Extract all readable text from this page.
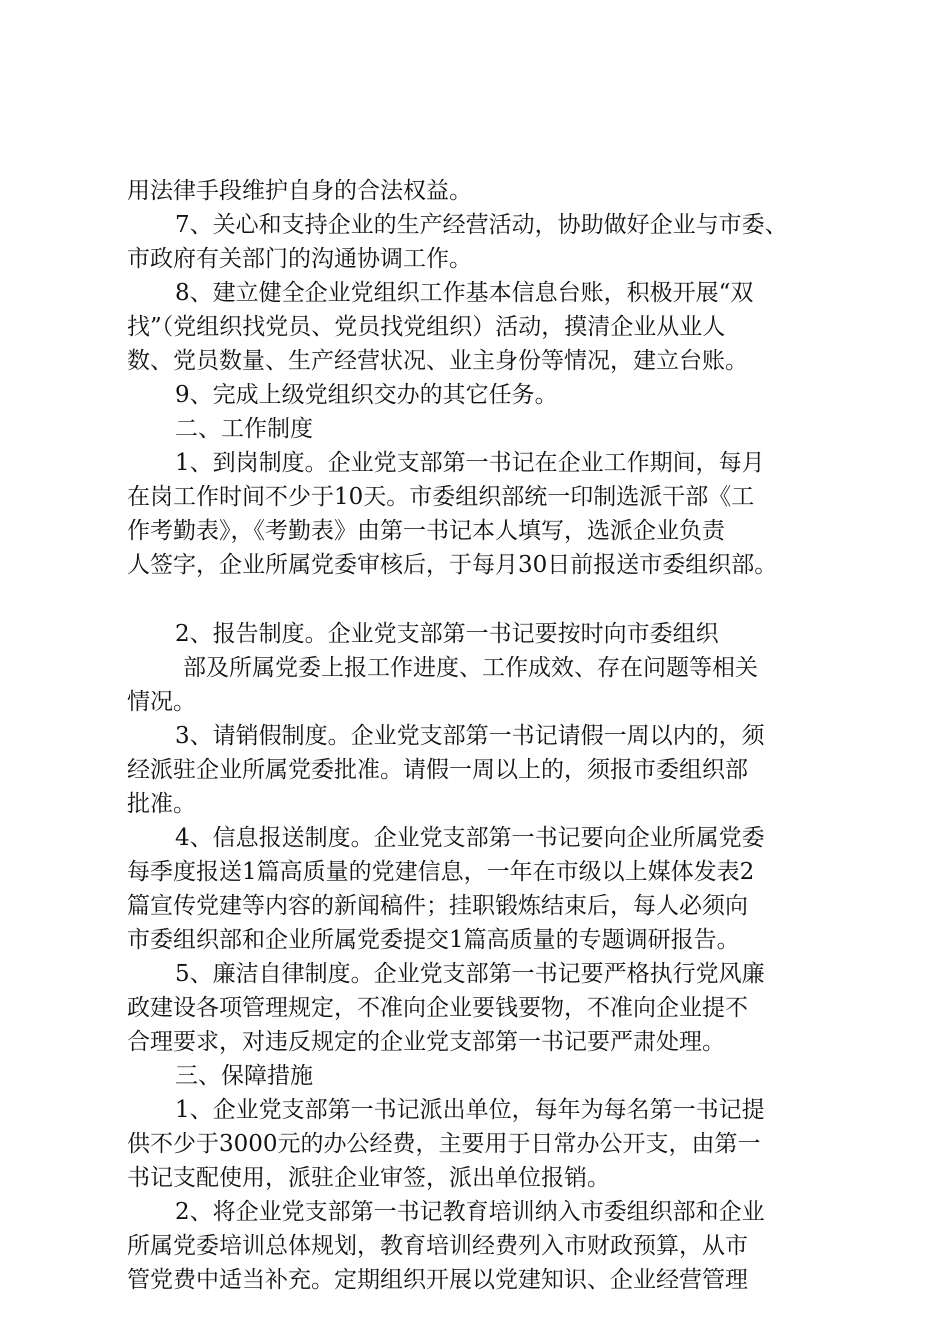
用法律手段维护自身的合法权益。
7、关心和支持企业的生产经营活动，协助做好企业与市委、
市政府有关部门的沟通协调工作。
8、建立健全企业党组织工作基本信息台账，积极开展“双
找”（党组织找党员、党员找党组织）活动，摸清企业从业人
数、党员数量、生产经营状况、业主身份等情况，建立台账。
9、完成上级党组织交办的其它任务。
二、工作制度
1、到岗制度。企业党支部第一书记在企业工作期间，每月
在岗工作时间不少于10天。市委组织部统一印制选派干部《工
作考勤表》，《考勤表》由第一书记本人填写，选派企业负责
人签字，企业所属党委审核后，于每月30日前报送市委组织部。
2、报告制度。企业党支部第一书记要按时向市委组织
部及所属党委上报工作进度、工作成效、存在问题等相关
情况。
3、请销假制度。企业党支部第一书记请假一周以内的，须
经派驻企业所属党委批准。请假一周以上的，须报市委组织部
批准。
4、信息报送制度。企业党支部第一书记要向企业所属党委
每季度报送1篇高质量的党建信息，一年在市级以上媒体发表2
篇宣传党建等内容的新闻稿件；挂职锻炼结束后，每人必须向
市委组织部和企业所属党委提交1篇高质量的专题调研报告。
5、廉洁自律制度。企业党支部第一书记要严格执行党风廉
政建设各项管理规定，不准向企业要钱要物，不准向企业提不
合理要求，对违反规定的企业党支部第一书记要严肃处理。
三、保障措施
1、企业党支部第一书记派出单位，每年为每名第一书记提
供不少于3000元的办公经费，主要用于日常办公开支，由第一
书记支配使用，派驻企业审签，派出单位报销。
2、将企业党支部第一书记教育培训纳入市委组织部和企业
所属党委培训总体规划，教育培训经费列入市财政预算，从市
管党费中适当补充。定期组织开展以党建知识、企业经营管理
